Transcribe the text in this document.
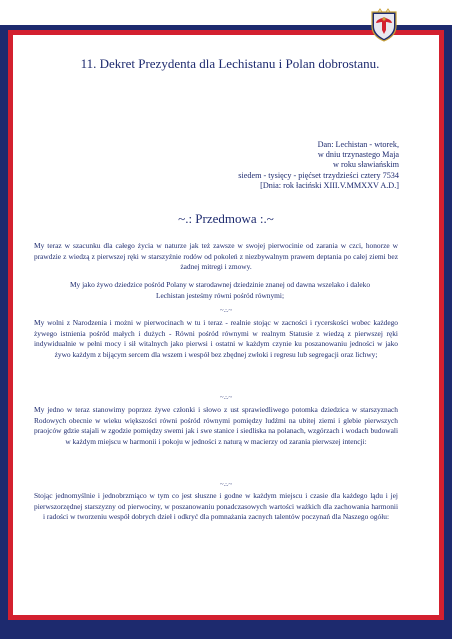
11. Dekret Prezydenta dla Lechistanu i Polan dobrostanu.
Dan: Lechistan - wtorek,
w dniu trzynastego Maja
w roku sławiańskim
siedem - tysięcy - pięćset trzydzieści cztery 7534
[Dnia: rok łaciński XIII.V.MMXXV A.D.]
~.: Przedmowa :.~
My teraz w szacunku dla całego życia w naturze jak też zawsze w swojej pierwocinie od zarania w czci, honorze w prawdzie z wiedzą z pierwszej ręki w starszyźnie rodów od pokoleń z niezbywalnym prawem deptania po całej ziemi bez żadnej mitregi i zmowy.
My jako żywo dziedzice pośród Polany w starodawnej dziedzinie znanej od dawna wszelako i daleko Lechistan jesteśmy równi pośród równymi;
~.:.~
My wolni z Narodzenia i możni w pierwocinach w tu i teraz - realnie stojąc w zacności i rycerskości wobec każdego żywego istnienia pośród małych i dużych - Równi pośród równymi w realnym Statusie z wiedzą z pierwszej ręki indywidualnie w pełni mocy i sił witalnych jako pierwsi i ostatni w każdym czynie ku poszanowaniu jedności w jako żywo każdym z bijącym sercem dla wszem i wespół bez zbędnej zwłoki i regresu lub segregacji oraz lichwy;
~.:.~
My jedno w teraz stanowimy poprzez żywe członki i słowo z ust sprawiedliwego potomka dziedzica w starszyznach Rodowych obecnie w wieku większości równi pośród równymi pomiędzy ludźmi na ubitej ziemi i glebie pierwszych praojców gdzie stajali w zgodzie pomiędzy swemi jak i swe stanice i siedliska na polanach, wzgórzach i wodach budowali w każdym miejscu w harmonii i pokoju w jedności z naturą w macierzy od zarania pierwszej intencji:
~.:.~
Stojąc jednomyślnie i jednobrzmiąco w tym co jest słuszne i godne w każdym miejscu i czasie dla każdego lądu i jej pierwszorzędnej starszyzny od pierwociny, w poszanowaniu ponadczasowych wartości ważkich dla zachowania harmonii i radości w tworzeniu wespół dobrych dzieł i odkryć dla pomnażania zacnych talentów poczynań dla Naszego ogółu:
